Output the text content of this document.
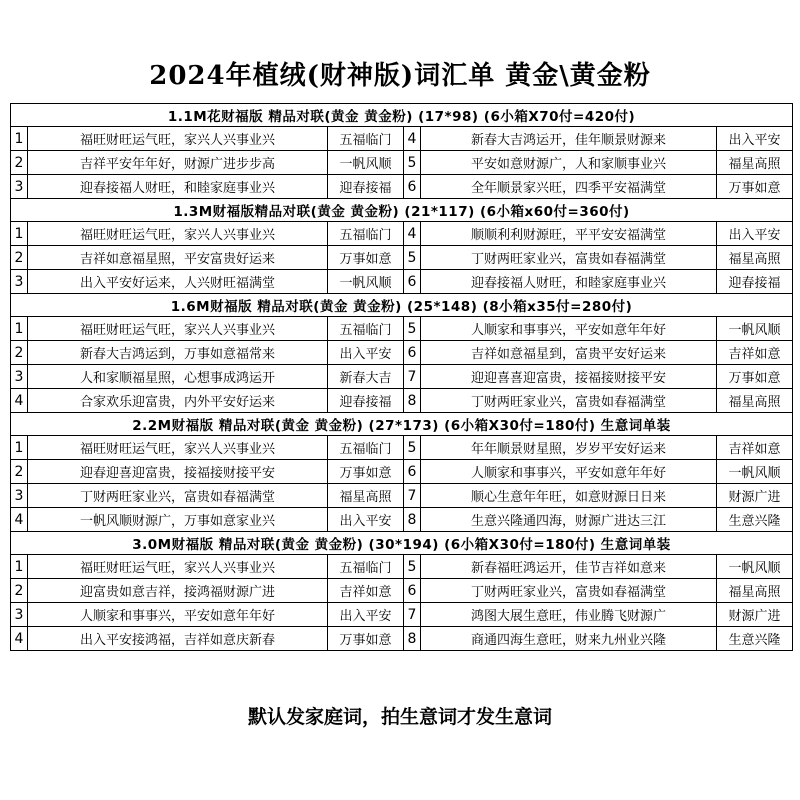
2024年植绒(财神版)词汇单 黄金\黄金粉
1.1M花财福版 精品对联(黄金 黄金粉) (17*98) (6小箱X70付=420付)					
1	福旺财旺运气旺，家兴人兴事业兴	五福临门	4	新春大吉鸿运开，佳年顺景财源来	出入平安
2	吉祥平安年年好，财源广进步步高	一帆风顺	5	平安如意财源广，人和家顺事业兴	福星高照
3	迎春接福人财旺，和睦家庭事业兴	迎春接福	6	全年顺景家兴旺，四季平安福满堂	万事如意
1.3M财福版精品对联(黄金 黄金粉) (21*117) (6小箱x60付=360付)					
1	福旺财旺运气旺，家兴人兴事业兴	五福临门	4	顺顺利利财源旺，平平安安福满堂	出入平安
2	吉祥如意福星照，平安富贵好运来	万事如意	5	丁财两旺家业兴，富贵如春福满堂	福星高照
3	出入平安好运来，人兴财旺福满堂	一帆风顺	6	迎春接福人财旺，和睦家庭事业兴	迎春接福
1.6M财福版 精品对联(黄金 黄金粉) (25*148) (8小箱x35付=280付)					
1	福旺财旺运气旺，家兴人兴事业兴	五福临门	5	人顺家和事事兴，平安如意年年好	一帆风顺
2	新春大吉鸿运到，万事如意福常来	出入平安	6	吉祥如意福星到，富贵平安好运来	吉祥如意
3	人和家顺福星照，心想事成鸿运开	新春大吉	7	迎迎喜喜迎富贵，接福接财接平安	万事如意
4	合家欢乐迎富贵，内外平安好运来	迎春接福	8	丁财两旺家业兴，富贵如春福满堂	福星高照
2.2M财福版 精品对联(黄金 黄金粉) (27*173) (6小箱X30付=180付) 生意词单装					
1	福旺财旺运气旺，家兴人兴事业兴	五福临门	5	年年顺景财星照，岁岁平安好运来	吉祥如意
2	迎春迎喜迎富贵，接福接财接平安	万事如意	6	人顺家和事事兴，平安如意年年好	一帆风顺
3	丁财两旺家业兴，富贵如春福满堂	福星高照	7	顺心生意年年旺，如意财源日日来	财源广进
4	一帆风顺财源广，万事如意家业兴	出入平安	8	生意兴隆通四海，财源广进达三江	生意兴隆
3.0M财福版 精品对联(黄金 黄金粉) (30*194) (6小箱X30付=180付) 生意词单装					
1	福旺财旺运气旺，家兴人兴事业兴	五福临门	5	新春福旺鸿运开，佳节吉祥如意来	一帆风顺
2	迎富贵如意吉祥，接鸿福财源广进	吉祥如意	6	丁财两旺家业兴，富贵如春福满堂	福星高照
3	人顺家和事事兴，平安如意年年好	出入平安	7	鸿图大展生意旺，伟业腾飞财源广	财源广进
4	出入平安接鸿福，吉祥如意庆新春	万事如意	8	商通四海生意旺，财来九州业兴隆	生意兴隆
默认发家庭词，拍生意词才发生意词
